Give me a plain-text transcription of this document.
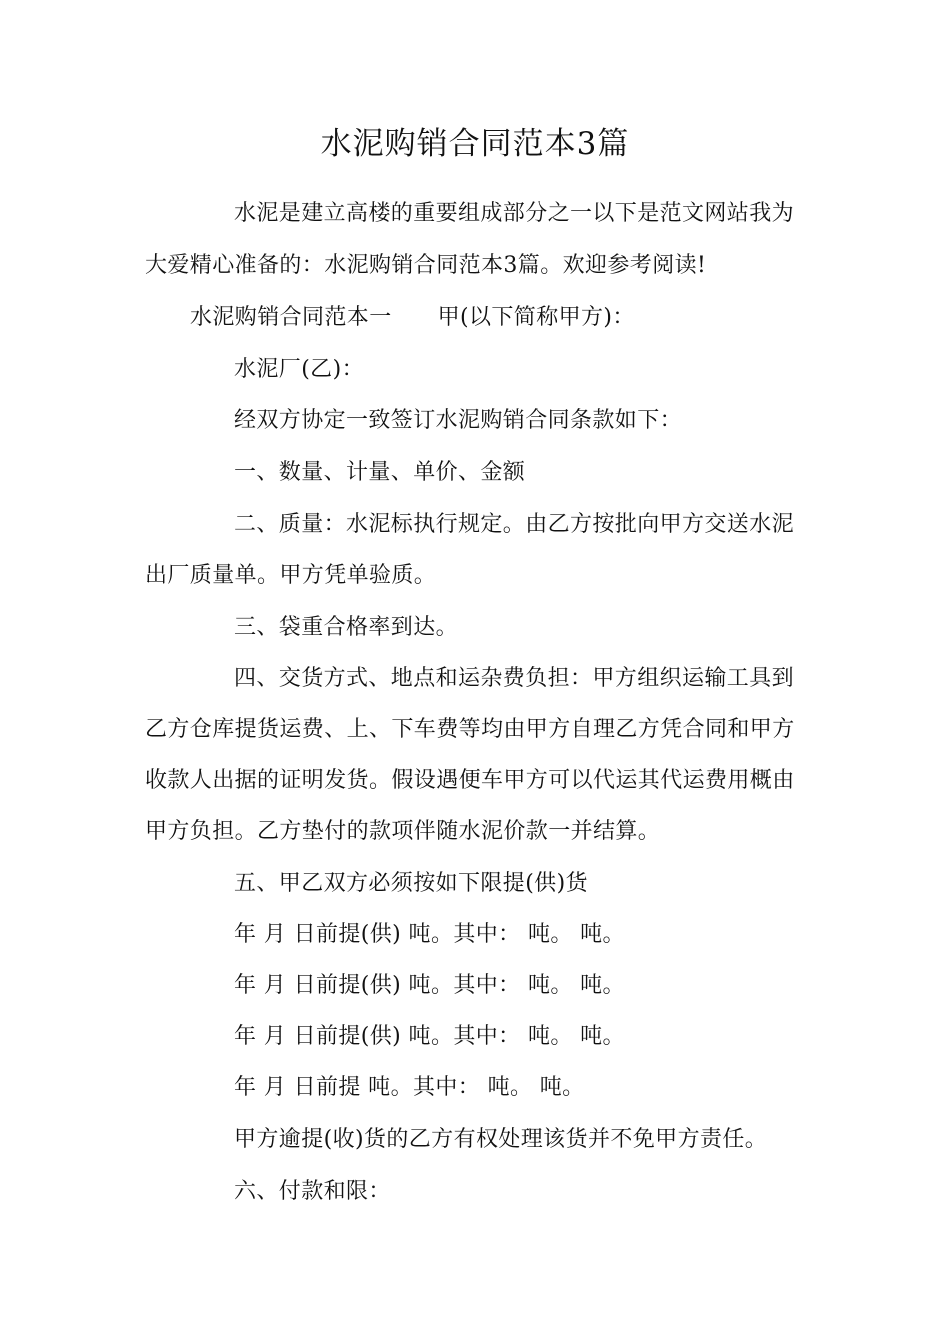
水泥购销合同范本3篇
水泥是建立高楼的重要组成部分之一以下是范文网站我为
大爱精心准备的：水泥购销合同范本3篇。欢迎参考阅读!
水泥购销合同范本一 甲(以下简称甲方)：
水泥厂(乙)：
经双方协定一致签订水泥购销合同条款如下：
一、数量、计量、单价、金额
二、质量：水泥标执行规定。由乙方按批向甲方交送水泥
出厂质量单。甲方凭单验质。
三、袋重合格率到达。
四、交货方式、地点和运杂费负担：甲方组织运输工具到
乙方仓库提货运费、上、下车费等均由甲方自理乙方凭合同和甲方
收款人出据的证明发货。假设遇便车甲方可以代运其代运费用概由
甲方负担。乙方垫付的款项伴随水泥价款一并结算。
五、甲乙双方必须按如下限提(供)货
年 月 日前提(供) 吨。其中： 吨。 吨。
年 月 日前提(供) 吨。其中： 吨。 吨。
年 月 日前提(供) 吨。其中： 吨。 吨。
年 月 日前提 吨。其中： 吨。 吨。
甲方逾提(收)货的乙方有权处理该货并不免甲方责任。
六、付款和限：
